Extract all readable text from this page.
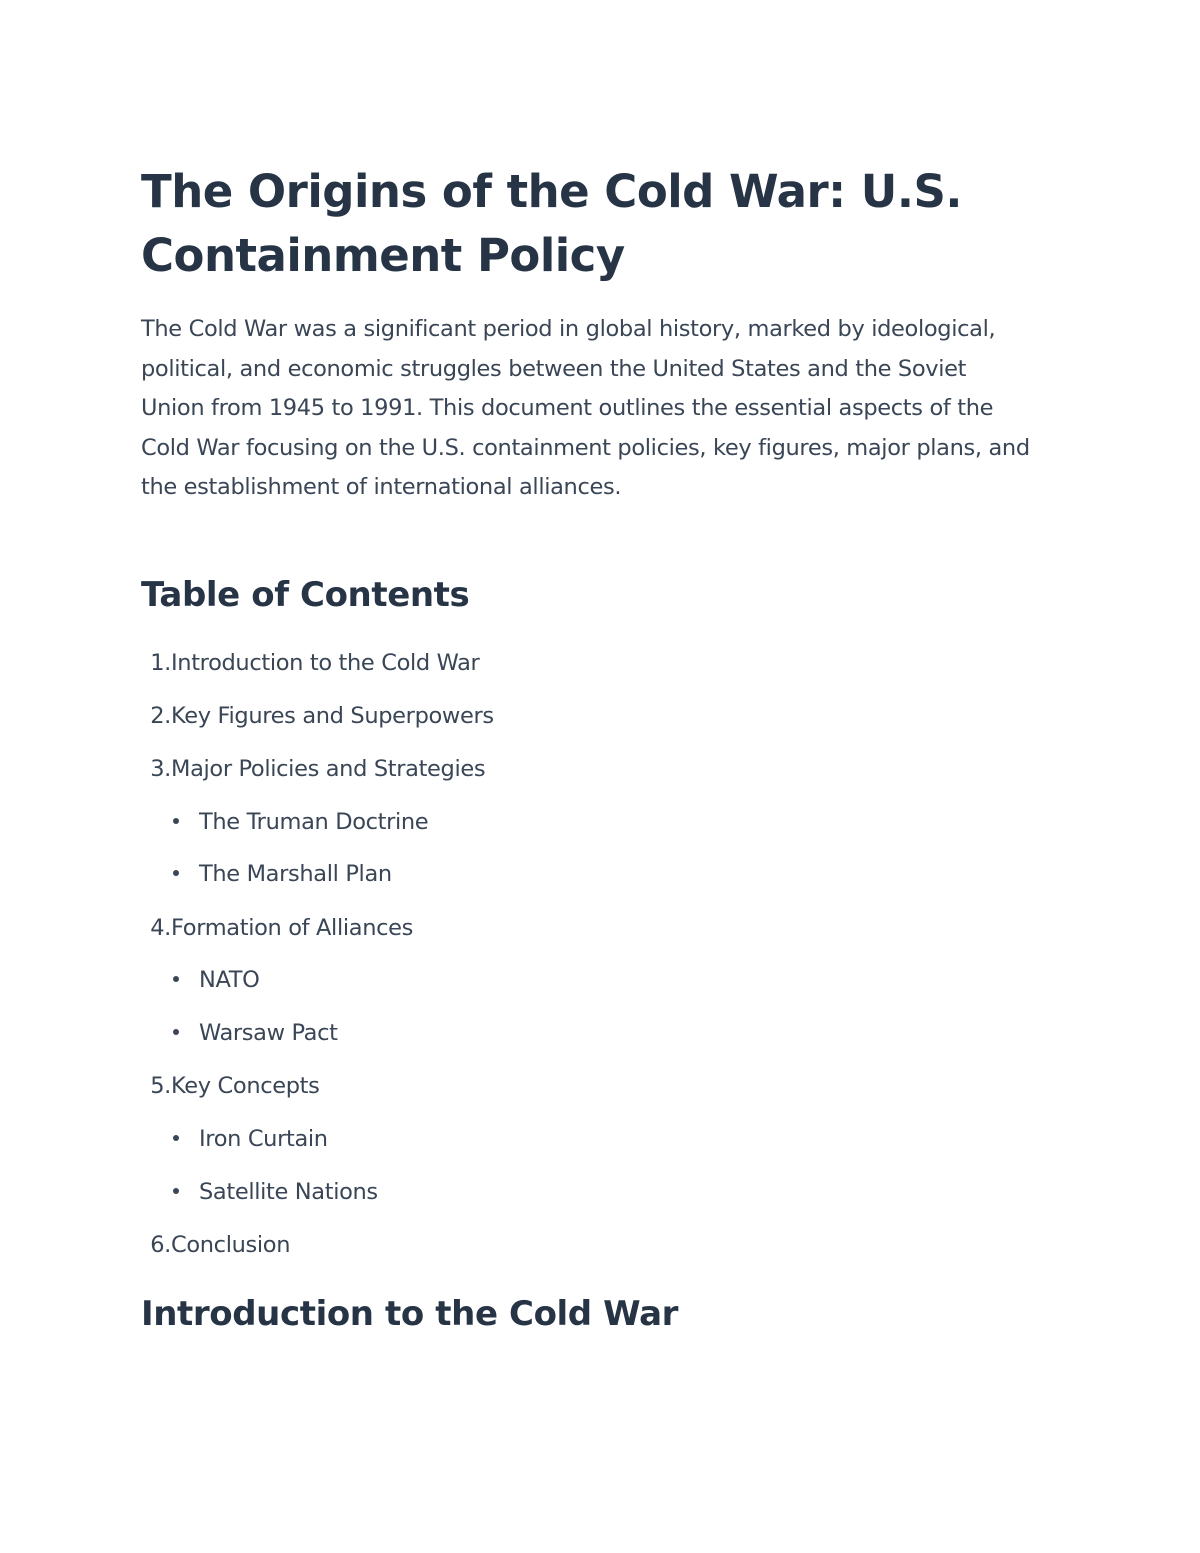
The Origins of the Cold War: U.S. Containment Policy

The Cold War was a significant period in global history, marked by ideological, political, and economic struggles between the United States and the Soviet Union from 1945 to 1991. This document outlines the essential aspects of the Cold War focusing on the U.S. containment policies, key figures, major plans, and the establishment of international alliances.

Table of Contents
1.Introduction to the Cold War
2.Key Figures and Superpowers
3.Major Policies and Strategies
The Truman Doctrine
The Marshall Plan
4.Formation of Alliances
NATO
Warsaw Pact
5.Key Concepts
Iron Curtain
Satellite Nations
6.Conclusion
Introduction to the Cold War
